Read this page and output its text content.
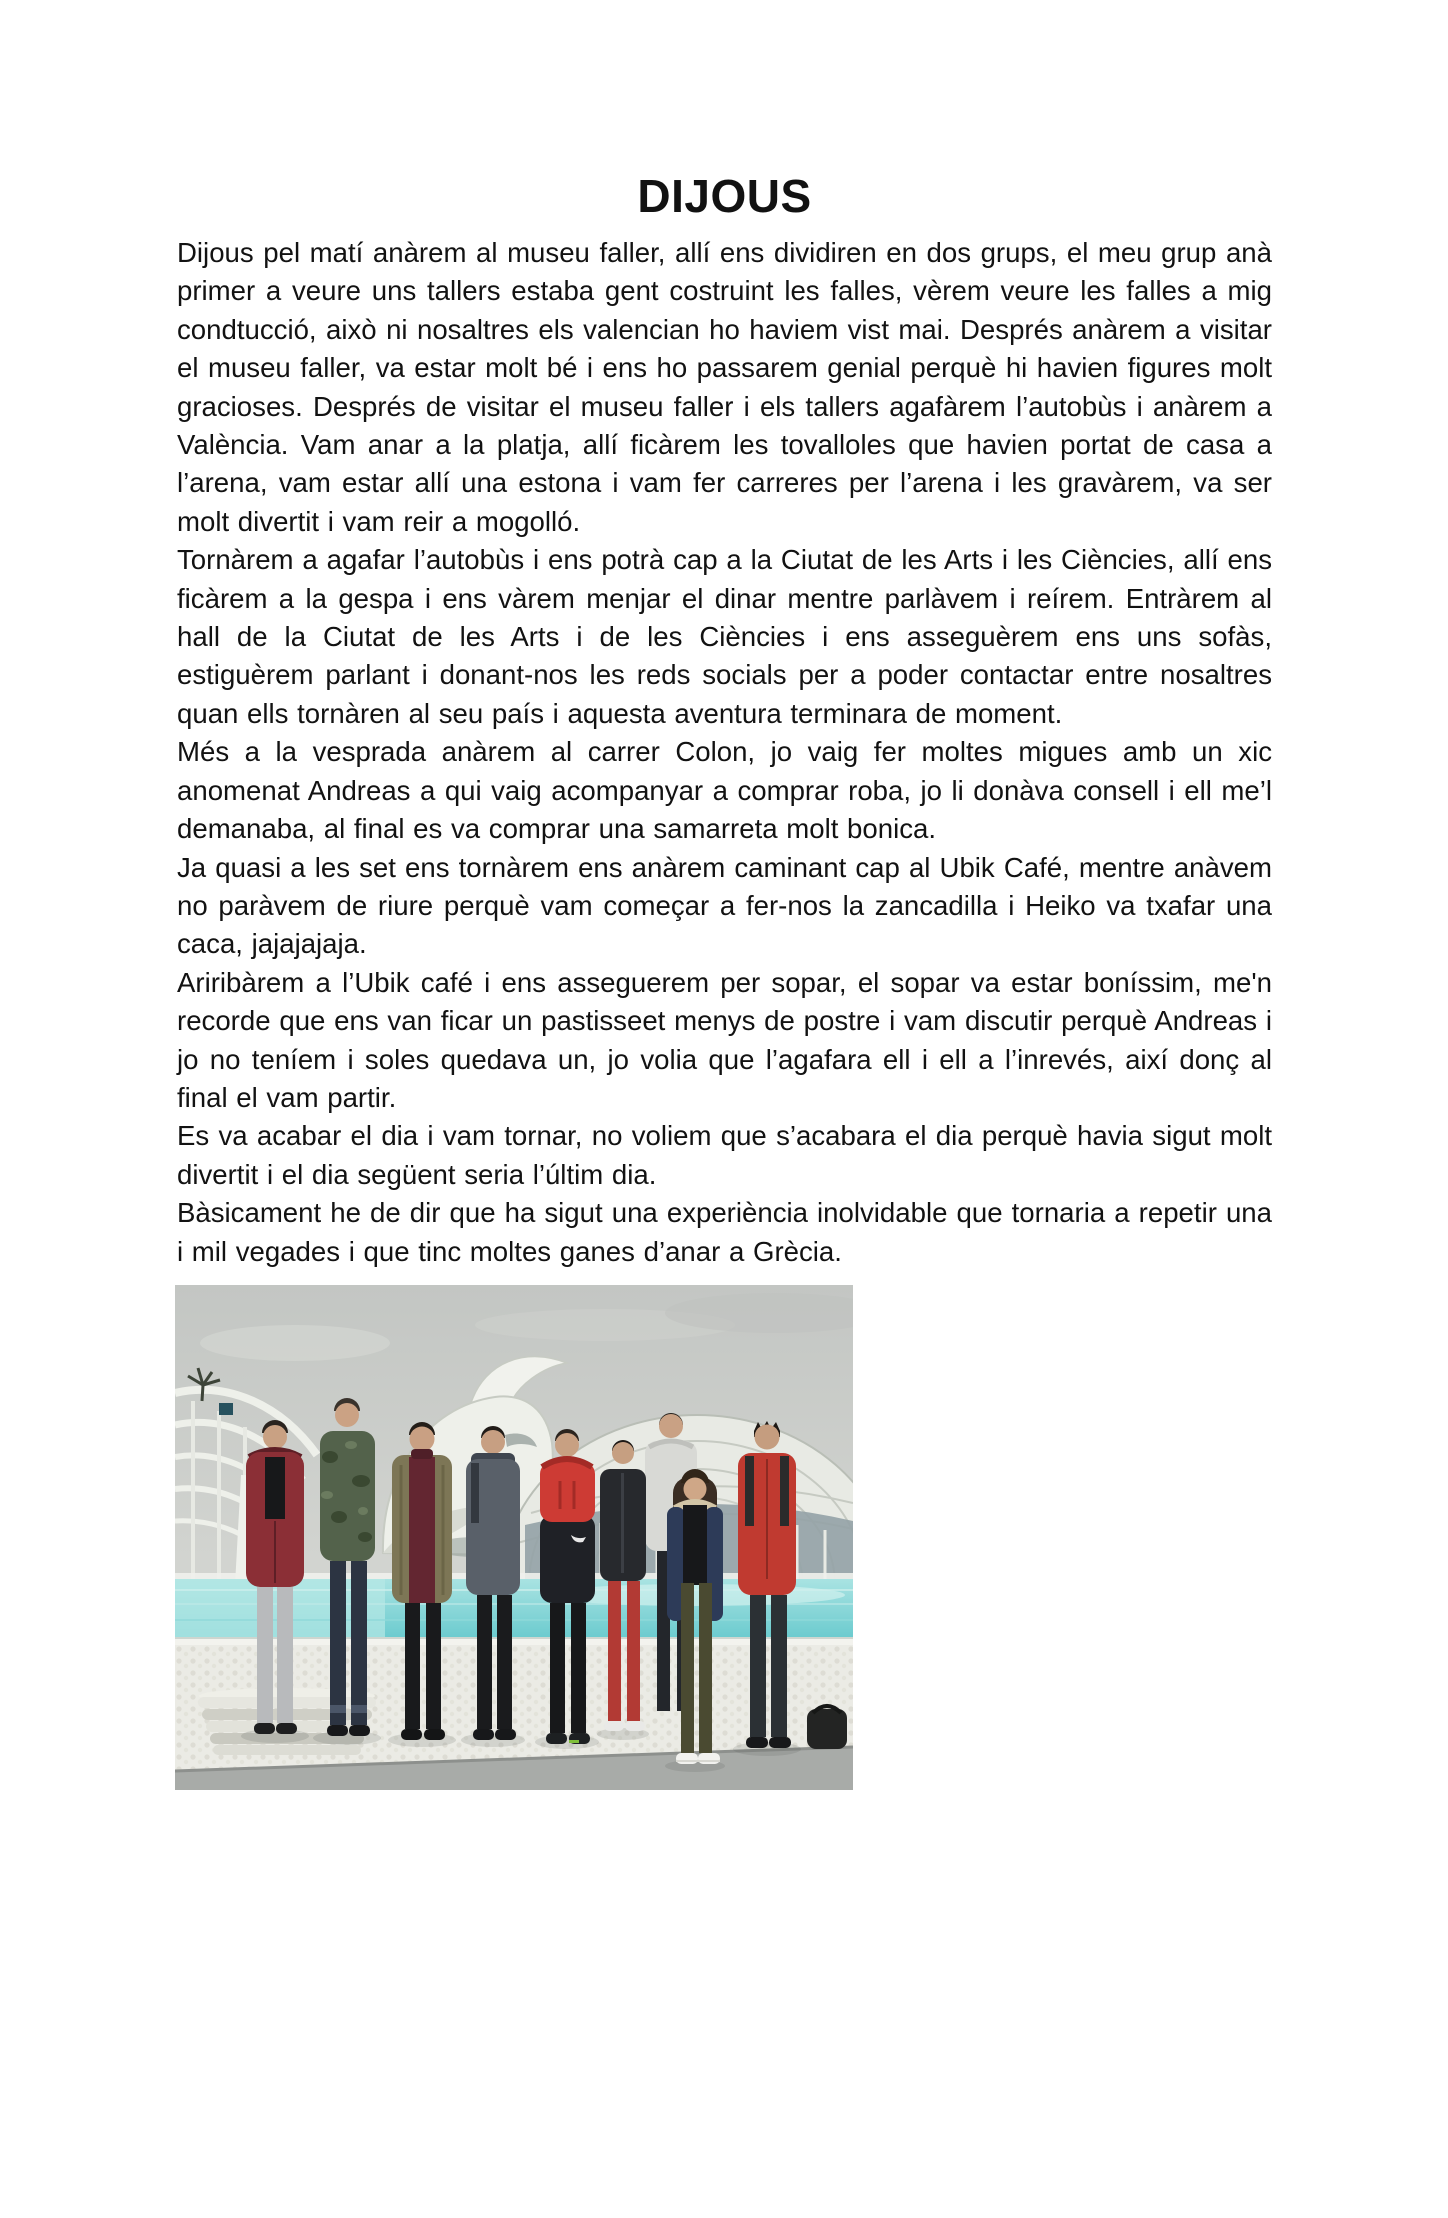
DIJOUS

Dijous pel matí anàrem al museu faller, allí ens dividiren en dos grups, el meu grup anà primer a veure uns tallers estaba gent costruint les falles, vèrem veure les falles a mig condtucció, això ni nosaltres els valencian ho haviem vist mai. Després anàrem a visitar el museu faller, va estar molt bé i ens ho passarem genial perquè hi havien figures molt gracioses. Després de visitar el museu faller i els tallers agafàrem l’autobùs i anàrem a València. Vam anar a la platja, allí ficàrem les tovalloles que havien portat de casa a l’arena, vam estar allí una estona i vam fer carreres per l’arena i les gravàrem, va ser molt divertit i vam reir a mogolló.

Tornàrem a agafar l’autobùs i ens potrà cap a la Ciutat de les Arts i les Ciències, allí ens ficàrem a la gespa i ens vàrem menjar el dinar mentre parlàvem i reírem. Entràrem al hall de la Ciutat de les Arts i de les Ciències i ens asseguèrem ens uns sofàs, estiguèrem parlant i donant-nos les reds socials per a poder contactar entre nosaltres quan ells tornàren al seu país i aquesta aventura terminara de moment.

Més a la vesprada anàrem al carrer Colon, jo vaig fer moltes migues amb un xic anomenat Andreas a qui vaig acompanyar a comprar roba, jo li donàva consell i ell me’l demanaba, al final es va comprar una samarreta molt bonica.

Ja quasi a les set ens tornàrem ens anàrem caminant cap al Ubik Café, mentre anàvem no paràvem de riure perquè vam começar a fer-nos la zancadilla i Heiko va txafar una caca, jajajajaja.

Ariribàrem a l’Ubik café i ens asseguerem per sopar, el sopar va estar boníssim, me'n recorde que ens van ficar un pastisseet menys de postre i vam discutir perquè Andreas i jo no teníem i soles quedava un, jo volia que l’agafara ell i ell a l’inrevés, així donç al final el vam partir.

Es va acabar el dia i vam tornar, no voliem que s’acabara el dia perquè havia sigut molt divertit i el dia següent seria l’últim dia.

Bàsicament he de dir que ha sigut una experiència inolvidable que tornaria a repetir una i mil vegades i que tinc moltes ganes d’anar a Grècia.
